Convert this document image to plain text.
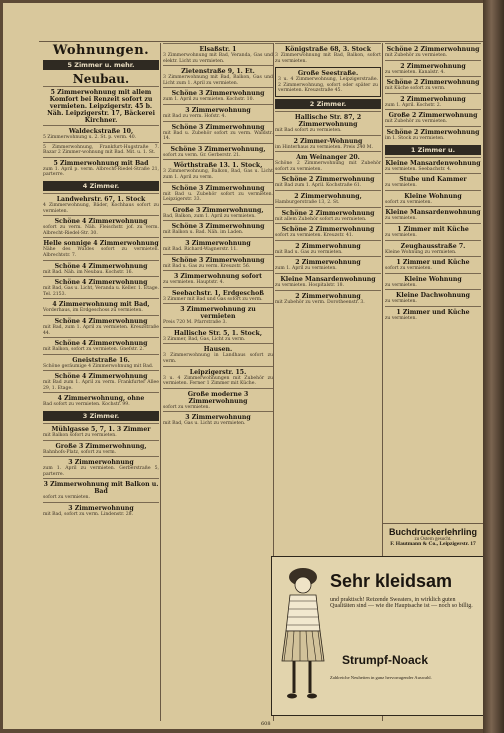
Wohnungen.
5 Zimmer u. mehr.
Neubau.
5 Zimmerwohnung mit allem Komfort bei Renzeit sofort zu vermieten. Leipzigerstr. 45 b. Näh. Leipzigerstr. 17, Bäckerei Kirchner.
Waldeckstraße 10,
5 Zimmerwohnung u. 2. St. p. verm. 40.
5 Zimmerwohnung, Frankfurt-Hugstraße 7. Bazar 2 Zimmer-wohnung mit Bad. Mit. u. 1. St.
5 Zimmerwohnung mit Bad
zum 1. April p. verm. Albrecht-Riedel-Straße 21, parterre.
4 Zimmer.
Landwehrstr. 67, 1. Stock
4 Zimmerwohnung, Bäder, Kochhaus sofort zu vermieten.
Schöne 4 Zimmerwohnung
sofort zu verm. Näh. Fleischstr. jof. zu verm. Albrecht-Riedel-Str. 30.
Helle sonnige 4 Zimmerwohnung
Nähe des Waldes sofort zu vermieten. Albrechtstr. 7.
Schöne 4 Zimmerwohnung
mit Bad. Näh. im Neubau. Kochstr. 16.
Schöne 4 Zimmerwohnung
mit Bad, Gas u. Licht, Veranda u. Keller. 1. Etage. Tel. 2153.
4 Zimmerwohnung mit Bad,
Vorderhaus, im Erdgeschoss zu vermieten.
Schöne 4 Zimmerwohnung
mit Bad, zum 1. April zu vermieten. Kreuzstraße 44.
Schöne 4 Zimmerwohnung
mit Balkon, sofort zu vermieten. Gnefstr. 2.
Gneiststraße 16.
Schöne geräumige 4 Zimmerwohnung mit Bad.
Schöne 4 Zimmerwohnung
mit Bad zum 1. April zu verm. Frankfurter Allee 29, 1. Etage.
4 Zimmerwohnung, ohne
Bad sofort zu vermieten. Kochstr. 99.
3 Zimmer.
Mühlgasse 5, 7, 1. 3 Zimmer
mit Balkon sofort zu vermieten.
Große 3 Zimmerwohnung,
Bahnhofs-Platz, sofort zu verm.
3 Zimmerwohnung
zum 1. April zu vermieten. Gerberstraße 5, parterre.
3 Zimmerwohnung mit Balkon u. Bad
sofort zu vermieten.
3 Zimmerwohnung
mit Bad, sofort zu verm. Lindenstr. 28.
Elsaßstr. 1
3 Zimmerwohnung mit Bad, Veranda, Gas und elektr. Licht zu vermieten.
Zietenstraße 9, 1. Et.
3 Zimmerwohnung mit Bad, Balkon, Gas und Licht zum 1. April zu vermieten.
Schöne 3 Zimmerwohnung
zum 1. April zu vermieten. Kochstr. 10.
3 Zimmerwohnung
mit Bad zu verm. Hofstr. 4.
Schöne 3 Zimmerwohnung
mit Bad u. Zubehör sofort zu verm. Waldstr. 14.
Schöne 3 Zimmerwohnung,
sofort zu verm. Gr. Gerberstr. 21.
Wörthstraße 13. 1. Stock,
3 Zimmerwohnung, Balkon, Bad, Gas u. Licht zum 1. April zu verm.
Schöne 3 Zimmerwohnung
mit Bad u. Zubehör sofort zu vermieten. Leipzigerstr. 33.
Große 3 Zimmerwohnung,
Bad, Balkon, zum 1. April zu vermieten.
Schöne 3 Zimmerwohnung
mit Balkon u. Bad. Näh. im Laden.
3 Zimmerwohnung
mit Bad. Richard-Wagnerstr. 11.
Schöne 3 Zimmerwohnung
mit Bad u. Gas zu verm. Kreuzstr. 56.
3 Zimmerwohnung sofort
zu vermieten. Hauptstr. 4.
Seebachstr. 1, Erdgeschoß
3 Zimmer mit Bad und Gas sofort zu verm.
3 Zimmerwohnung zu vermieten
Preis 720 M. Pfarrstraße 3.
Hallische Str. 5, 1. Stock,
3 Zimmer, Bad, Gas, Licht zu verm.
Hausen.
3 Zimmerwohnung in Landhaus sofort zu verm.
Leipzigerstr. 15.
3 u. 4 Zimmerwohnungen mit Zubehör zu vermieten. Ferner 1 Zimmer mit Küche.
Große moderne 3 Zimmerwohnung
sofort zu vermieten.
3 Zimmerwohnung
mit Bad, Gas u. Licht zu vermieten.
Königstraße 68, 3. Stock
3 Zimmerwohnung mit Bad, Balkon, sofort zu vermieten.
Große Seestraße.
3 u. 4 Zimmerwohnung, Leipzigerstraße. 2 Zimmerwohnung, sofort oder später zu vermieten. Kreuzstraße 45.
2 Zimmer.
Hallische Str. 87, 2 Zimmerwohnung
mit Bad sofort zu vermieten.
2 Zimmer-Wohnung
im Hinterhaus zu vermieten. Preis 240 M.
Am Weinanger 20.
Schöne 2 Zimmerwohnung mit Zubehör sofort zu vermieten.
Schöne 2 Zimmerwohnung
mit Bad zum 1. April. Kochstraße 61.
2 Zimmerwohnung,
Hamburgerstraße 13, 2. St.
Schöne 2 Zimmerwohnung
mit allem Zubehör sofort zu vermieten.
Schöne 2 Zimmerwohnung
sofort zu vermieten. Kreuzstr. 41.
2 Zimmerwohnung
mit Bad u. Gas zu vermieten.
2 Zimmerwohnung
zum 1. April zu vermieten.
Kleine Mansardenwohnung
zu vermieten. Hospitalstr. 18.
2 Zimmerwohnung
mit Zubehör zu verm. Dorotheenstr. 3.
Schöne 2 Zimmerwohnung
mit Zubehör zu vermieten.
2 Zimmerwohnung
zu vermieten. Kanalstr. 4.
Schöne 2 Zimmerwohnung
mit Küche sofort zu verm.
2 Zimmerwohnung
zum 1. April. Kochstr. 2.
Große 2 Zimmerwohnung
mit Zubehör zu vermieten.
Schöne 2 Zimmerwohnung
im 1. Stock zu vermieten.
1 Zimmer u.
Kleine Mansardenwohnung
zu vermieten. Seebachstr. 4.
Stube und Kammer
zu vermieten.
Kleine Wohnung
sofort zu vermieten.
Kleine Mansardenwohnung
zu vermieten.
1 Zimmer mit Küche
zu vermieten.
Zeughausstraße 7.
Kleine Wohnung zu vermieten.
1 Zimmer und Küche
sofort zu vermieten.
Kleine Wohnung
zu vermieten.
Kleine Dachwohnung
zu vermieten.
1 Zimmer und Küche
zu vermieten.
Buchdruckerlehrling
zu Ostern gesucht.
F. Hautmann & Co., Leipzigerstr. 17
Sehr kleidsam
und praktisch! Reizende Sweaters, in wirklich guten Qualitäten sind — wie die Hauptsache ist — noch so billig.
Strumpf-Noack
Zahlreiche Neuheiten in ganz hervorragender Auswahl.
608
